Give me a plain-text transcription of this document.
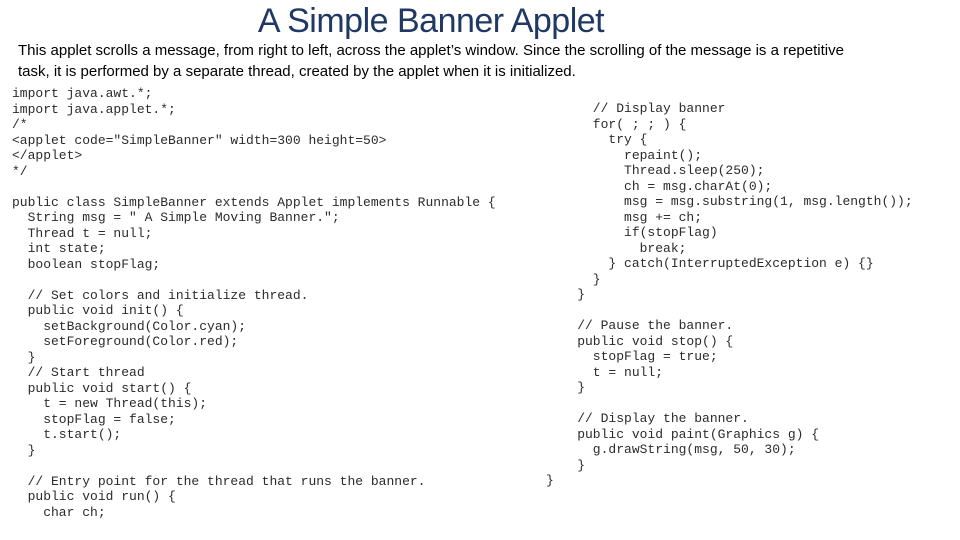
A Simple Banner Applet
This applet scrolls a message, from right to left, across the applet’s window. Since the scrolling of the message is a repetitive
task, it is performed by a separate thread, created by the applet when it is initialized.
import java.awt.*;
import java.applet.*;
/*
<applet code="SimpleBanner" width=300 height=50>
</applet>
*/

public class SimpleBanner extends Applet implements Runnable {
String msg = " A Simple Moving Banner.";
Thread t = null;
int state;
boolean stopFlag;

// Set colors and initialize thread.
public void init() {
setBackground(Color.cyan);
setForeground(Color.red);
}
// Start thread
public void start() {
t = new Thread(this);
stopFlag = false;
t.start();
}

// Entry point for the thread that runs the banner.
public void run() {
char ch;
// Display banner
for( ; ; ) {
try {
repaint();
Thread.sleep(250);
ch = msg.charAt(0);
msg = msg.substring(1, msg.length());
msg += ch;
if(stopFlag)
break;
} catch(InterruptedException e) {}
}
}

// Pause the banner.
public void stop() {
stopFlag = true;
t = null;
}

// Display the banner.
public void paint(Graphics g) {
g.drawString(msg, 50, 30);
}
}
